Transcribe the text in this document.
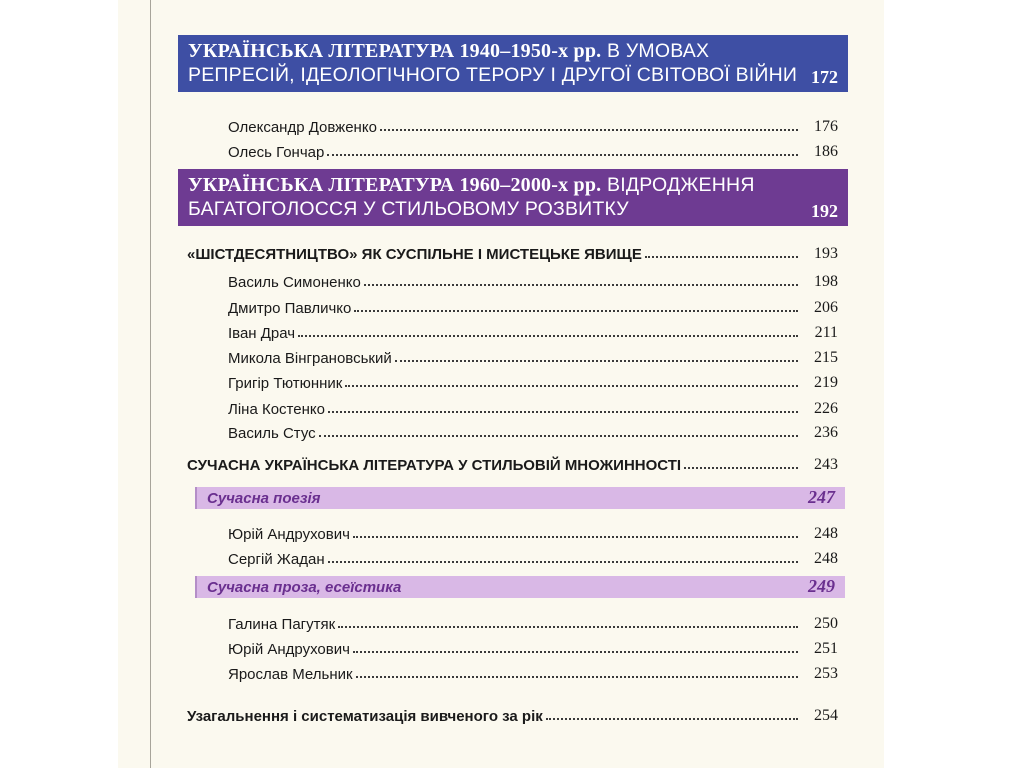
УКРАЇНСЬКА ЛІТЕРАТУРА 1940–1950-х рр. В УМОВАХ
РЕПРЕСІЙ, ІДЕОЛОГІЧНОГО ТЕРОРУ І ДРУГОЇ СВІТОВОЇ ВІЙНИ 172
Олександр Довженко	176
Олесь Гончар	186
УКРАЇНСЬКА ЛІТЕРАТУРА 1960–2000-х рр. ВІДРОДЖЕННЯ
БАГАТОГОЛОССЯ У СТИЛЬОВОМУ РОЗВИТКУ	192
«ШІСТДЕСЯТНИЦТВО» ЯК СУСПІЛЬНЕ І МИСТЕЦЬКЕ ЯВИЩЕ	193
Василь Симоненко	198
Дмитро Павличко	206
Іван Драч	211
Микола Вінграновський	215
Григір Тютюнник	219
Ліна Костенко	226
Василь Стус	236
СУЧАСНА УКРАЇНСЬКА ЛІТЕРАТУРА У СТИЛЬОВІЙ МНОЖИННОСТІ	243
Сучасна поезія	247
Юрій Андрухович	248
Сергій Жадан	248
Сучасна проза, есеїстика	249
Галина Пагутяк	250
Юрій Андрухович	251
Ярослав Мельник	253
Узагальнення і систематизація вивченого за рік	254
